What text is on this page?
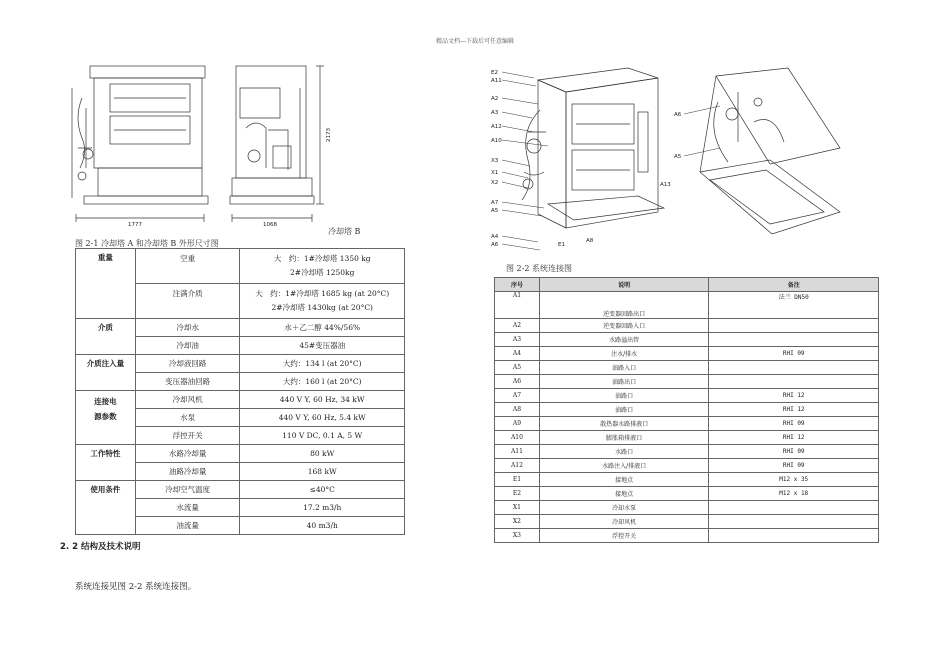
精品文档---下载后可任意编辑
1777	1068
2173
冷却塔 B
图 2-1 冷却塔 A 和冷却塔 B 外形尺寸图
重量	空重	大　约：1#冷却塔 1350 kg
2#冷却塔 1250kg

	注满介质	大　约：1#冷却塔 1685 kg (at 20°C)
2#冷却塔 1430kg (at 20°C)

介质	冷却水	水＋乙二醇 44%/56%
	冷却油	45#变压器油
介质注入量	冷却液回路	大约：134 l (at 20°C)
	变压器油回路	大约：160 l (at 20°C)

连接电
源参数	冷却风机	440 V Y, 60 Hz, 34 kW
	水泵	440 V Y, 60 Hz, 5.4 kW
	浮控开关	110 V DC, 0.1 A, 5 W
工作特性	水路冷却量	80 kW
	油路冷却量	168 kW
使用条件	冷却空气温度	≤40°C
	水流量	17.2 m3/h
	油流量	40 m3/h
2. 2 结构及技术说明
系统连接见图 2-2 系统连接图。
E2
A11
A2
A3
A12
A10
X3
X1
X2
A7
A5
A4
A6	E1
A8
A13
A6
A5
图 2-2 系统连接图
序号	说明	备注
A1	逆变器回路出口	法兰 DN50
A2	逆变器回路入口	
A3	水路溢出管	
A4	注水/排水	RHI 09
A5	油路入口	
A6	油路出口	
A7	油路口	RHI 12
A8	油路口	RHI 12
A9	散热器水路排液口	RHI 09
A10	膨胀箱排液口	RHI 12
A11	水路口	RHI 09
A12	水路注入/排液口	RHI 09
E1	接地点	M12 x 35
E2	接地点	M12 x 18
X1	冷却水泵	
X2	冷却风机	
X3	浮控开关	
